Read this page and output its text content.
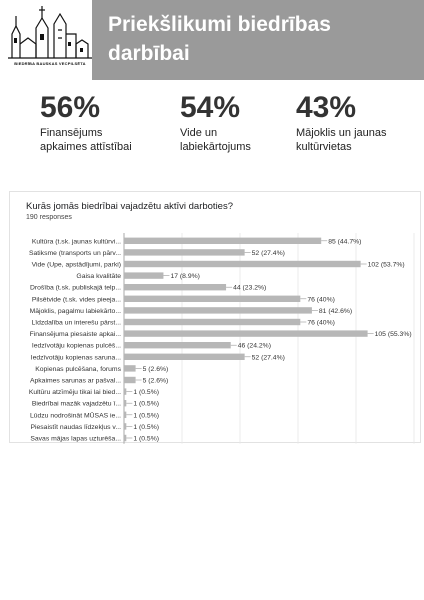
BIEDRĪBA BAUSKAS VECPILSĒTA
Priekšlikumi biedrības darbībai
56%
Finansējums apkaimes attīstībai
54%
Vide un labiekārtojums
43%
Mājoklis un jaunas kultūrvietas
Kurās jomās biedrībai vajadzētu aktīvi darboties?
190 responses
Kultūra (t.sk. jaunas kultūrvi...	85 (44.7%)
Satiksme (transports un pārv...	52 (27.4%)
Vide (Upe, apstādījumi, parki)	102 (53.7%)
Gaisa kvalitāte	17 (8.9%)
Drošība (t.sk. publiskajā telp...	44 (23.2%)
Pilsētvide (t.sk. vides pieeja...	76 (40%)
Mājoklis, pagalmu labiekārto...	81 (42.6%)
Līdzdalība un interešu pārst...	76 (40%)
Finansējuma piesaiste apkai...	105 (55.3%)
Iedzīvotāju kopienas pulcēš...	46 (24.2%)
Iedzīvotāju kopienas saruna...	52 (27.4%)
Kopienas pulcēšana, forums	5 (2.6%)
Apkaimes sarunas ar pašval...	5 (2.6%)
Kultūru atzīmēju tikai lai bied... 1 (0.5%)
Biedrībai mazāk vajadzētu ī... 1 (0.5%)
Lūdzu nodrošināt MŪSAS ie... 1 (0.5%)
Piesaistīt naudas līdzekļus v... 1 (0.5%)
Savas mājas lapas uzturēša... 1 (0.5%)
